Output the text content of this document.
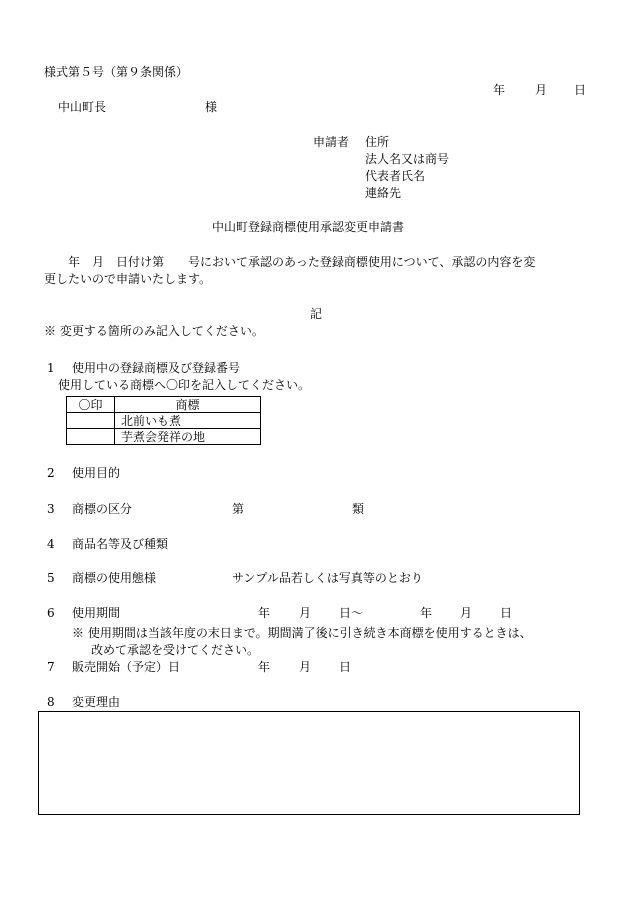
様式第５号（第９条関係）
年 月 日
中山町長	様
申請者 住所
法人名又は商号
代表者氏名
連絡先
中山町登録商標使用承認変更申請書
年　月　日付け第　　号において承認のあった登録商標使用について、承認の内容を変
更したいので申請いたします。
記
※ 変更する箇所のみ記入してください。
1 使用中の登録商標及び登録番号
使用している商標へ〇印を記入してください。
〇印	商標
	北前いも煮
	芋煮会発祥の地
2 使用目的
3 商標の区分	第	類
4 商品名等及び種類
5 商標の使用態様	サンプル品若しくは写真等のとおり
6 使用期間	年 月 日～	年 月 日
※ 使用期間は当該年度の末日まで。期間満了後に引き続き本商標を使用するときは、
改めて承認を受けてください。
7 販売開始（予定）日	年 月 日
8 変更理由
